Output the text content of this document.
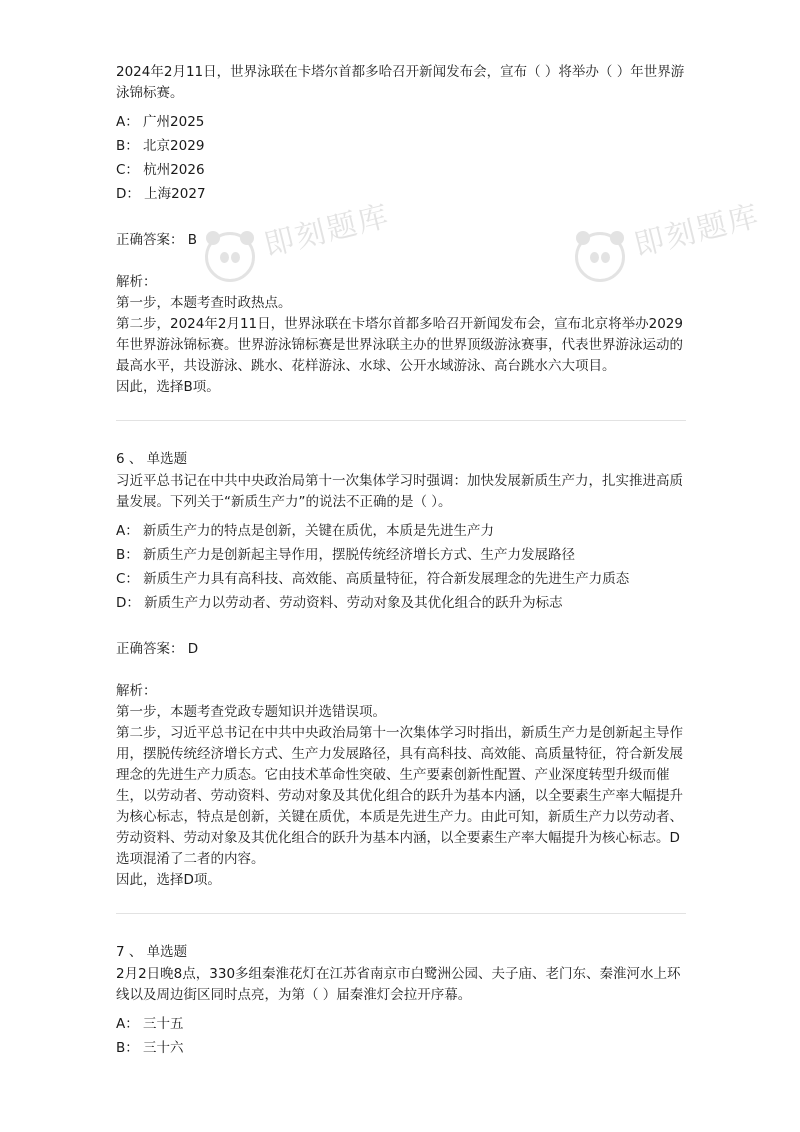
2024年2月11日，世界泳联在卡塔尔首都多哈召开新闻发布会，宣布（ ）将举办（ ）年世界游泳锦标赛。

A： 广州2025

B： 北京2029

C： 杭州2026

D： 上海2027

正确答案： B
解析：

第一步，本题考查时政热点。

第二步，2024年2月11日，世界泳联在卡塔尔首都多哈召开新闻发布会，宣布北京将举办2029年世界游泳锦标赛。世界游泳锦标赛是世界泳联主办的世界顶级游泳赛事，代表世界游泳运动的最高水平，共设游泳、跳水、花样游泳、水球、公开水域游泳、高台跳水六大项目。

因此，选择B项。

6 、 单选题

习近平总书记在中共中央政治局第十一次集体学习时强调：加快发展新质生产力，扎实推进高质量发展。下列关于“新质生产力”的说法不正确的是（ ）。

A： 新质生产力的特点是创新，关键在质优，本质是先进生产力

B： 新质生产力是创新起主导作用，摆脱传统经济增长方式、生产力发展路径

C： 新质生产力具有高科技、高效能、高质量特征，符合新发展理念的先进生产力质态

D： 新质生产力以劳动者、劳动资料、劳动对象及其优化组合的跃升为标志

正确答案： D
解析：

第一步，本题考查党政专题知识并选错误项。

第二步，习近平总书记在中共中央政治局第十一次集体学习时指出，新质生产力是创新起主导作用，摆脱传统经济增长方式、生产力发展路径，具有高科技、高效能、高质量特征，符合新发展理念的先进生产力质态。它由技术革命性突破、生产要素创新性配置、产业深度转型升级而催生，以劳动者、劳动资料、劳动对象及其优化组合的跃升为基本内涵，以全要素生产率大幅提升为核心标志，特点是创新，关键在质优，本质是先进生产力。由此可知，新质生产力以劳动者、劳动资料、劳动对象及其优化组合的跃升为基本内涵，以全要素生产率大幅提升为核心标志。D选项混淆了二者的内容。

因此，选择D项。

7 、 单选题

2月2日晚8点，330多组秦淮花灯在江苏省南京市白鹭洲公园、夫子庙、老门东、秦淮河水上环线以及周边街区同时点亮，为第（ ）届秦淮灯会拉开序幕。

A： 三十五

B： 三十六

即刻题库	即刻题库
